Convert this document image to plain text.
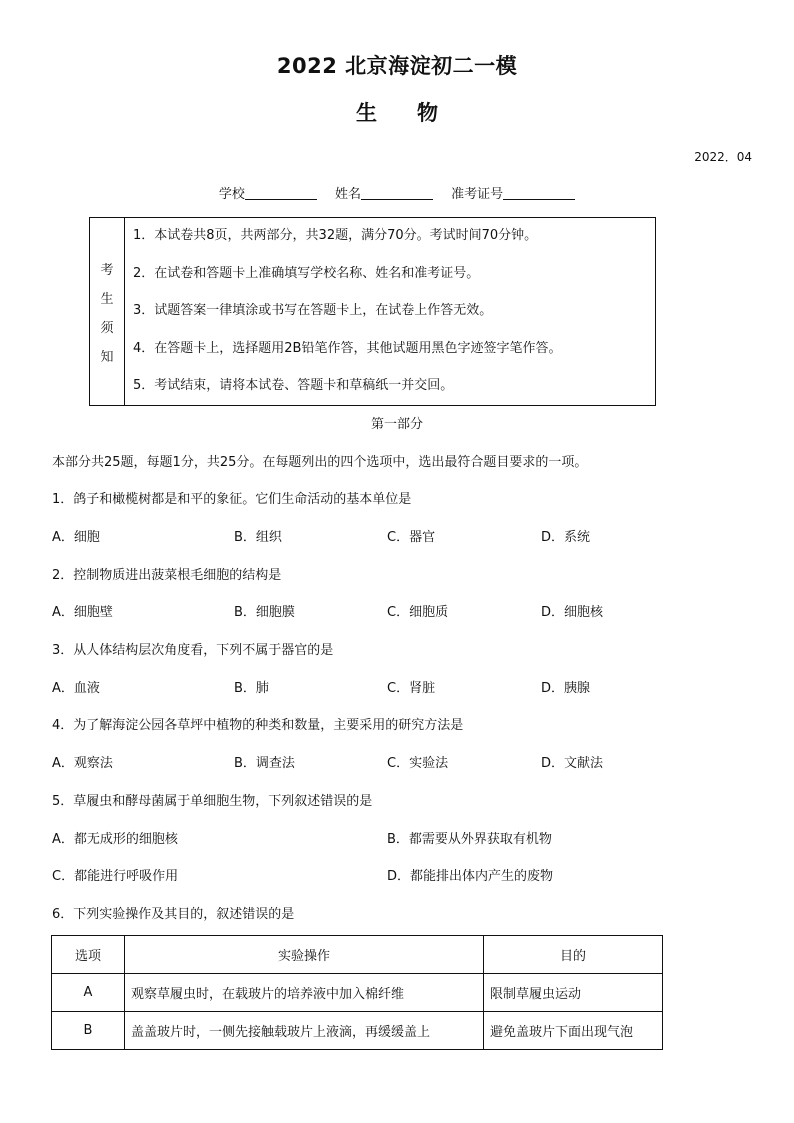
2022 北京海淀初二一模
生物
2022．04
学校	姓名	准考证号
考
生
须
知
1．本试卷共8页，共两部分，共32题，满分70分。考试时间70分钟。
2．在试卷和答题卡上准确填写学校名称、姓名和准考证号。
3．试题答案一律填涂或书写在答题卡上，在试卷上作答无效。
4．在答题卡上，选择题用2B铅笔作答，其他试题用黑色字迹签字笔作答。
5．考试结束，请将本试卷、答题卡和草稿纸一并交回。
第一部分
本部分共25题，每题1分，共25分。在每题列出的四个选项中，选出最符合题目要求的一项。
1．鸽子和橄榄树都是和平的象征。它们生命活动的基本单位是
A．细胞	B．组织	C．器官	D．系统
2．控制物质进出菠菜根毛细胞的结构是
A．细胞壁	B．细胞膜	C．细胞质	D．细胞核
3．从人体结构层次角度看，下列不属于器官的是
A．血液	B．肺	C．肾脏	D．胰腺
4．为了解海淀公园各草坪中植物的种类和数量，主要采用的研究方法是
A．观察法	B．调查法	C．实验法	D．文献法
5．草履虫和酵母菌属于单细胞生物，下列叙述错误的是
A．都无成形的细胞核	B．都需要从外界获取有机物
C．都能进行呼吸作用	D．都能排出体内产生的废物
6．下列实验操作及其目的，叙述错误的是
选项	实验操作	目的
A	观察草履虫时，在载玻片的培养液中加入棉纤维	限制草履虫运动
B	盖盖玻片时，一侧先接触载玻片上液滴，再缓缓盖上	避免盖玻片下面出现气泡
